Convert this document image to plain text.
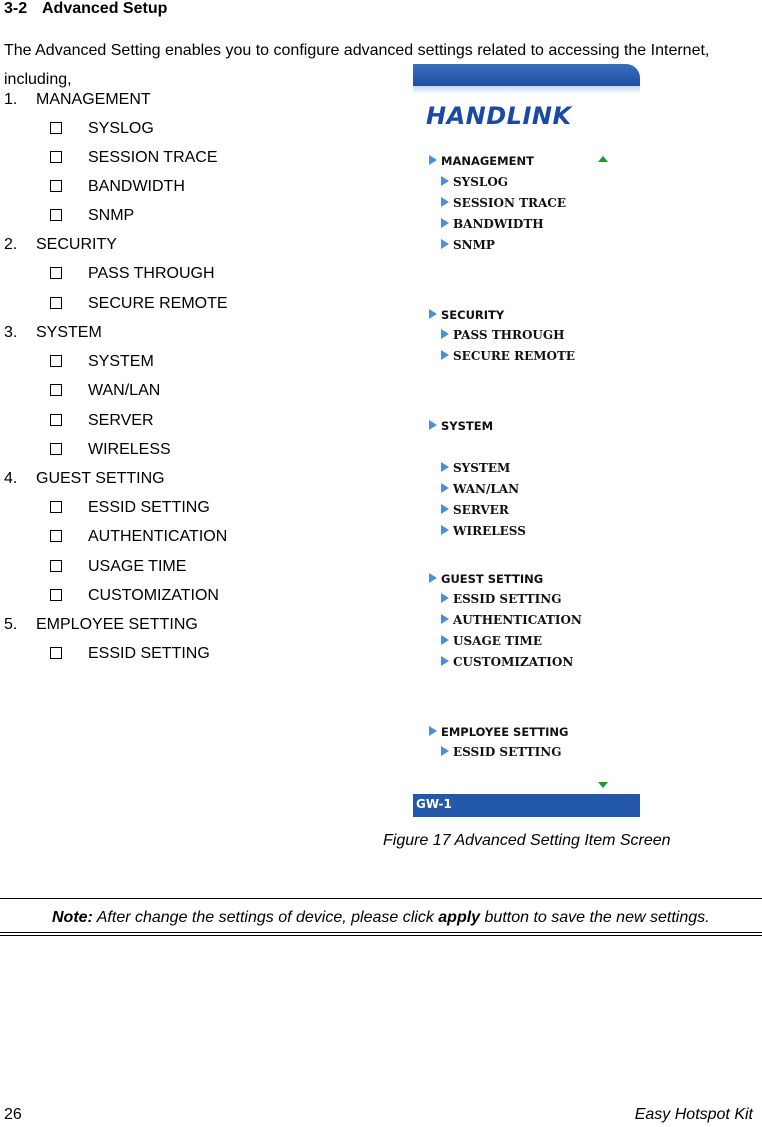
3-2 Advanced Setup
The Advanced Setting enables you to configure advanced settings related to accessing the Internet, including,
1. MANAGEMENT
SYSLOG
SESSION TRACE
BANDWIDTH
SNMP
2. SECURITY
PASS THROUGH
SECURE REMOTE
3. SYSTEM
SYSTEM
WAN/LAN
SERVER
WIRELESS
4. GUEST SETTING
ESSID SETTING
AUTHENTICATION
USAGE TIME
CUSTOMIZATION
5. EMPLOYEE SETTING
ESSID SETTING
HANDLINK
MANAGEMENT
SYSLOG
SESSION TRACE
BANDWIDTH
SNMP
SECURITY
PASS THROUGH
SECURE REMOTE
SYSTEM
SYSTEM
WAN/LAN
SERVER
WIRELESS
GUEST SETTING
ESSID SETTING
AUTHENTICATION
USAGE TIME
CUSTOMIZATION
EMPLOYEE SETTING
ESSID SETTING
GW-1
Figure 17 Advanced Setting Item Screen
Note: After change the settings of device, please click apply button to save the new settings.
26	Easy Hotspot Kit
